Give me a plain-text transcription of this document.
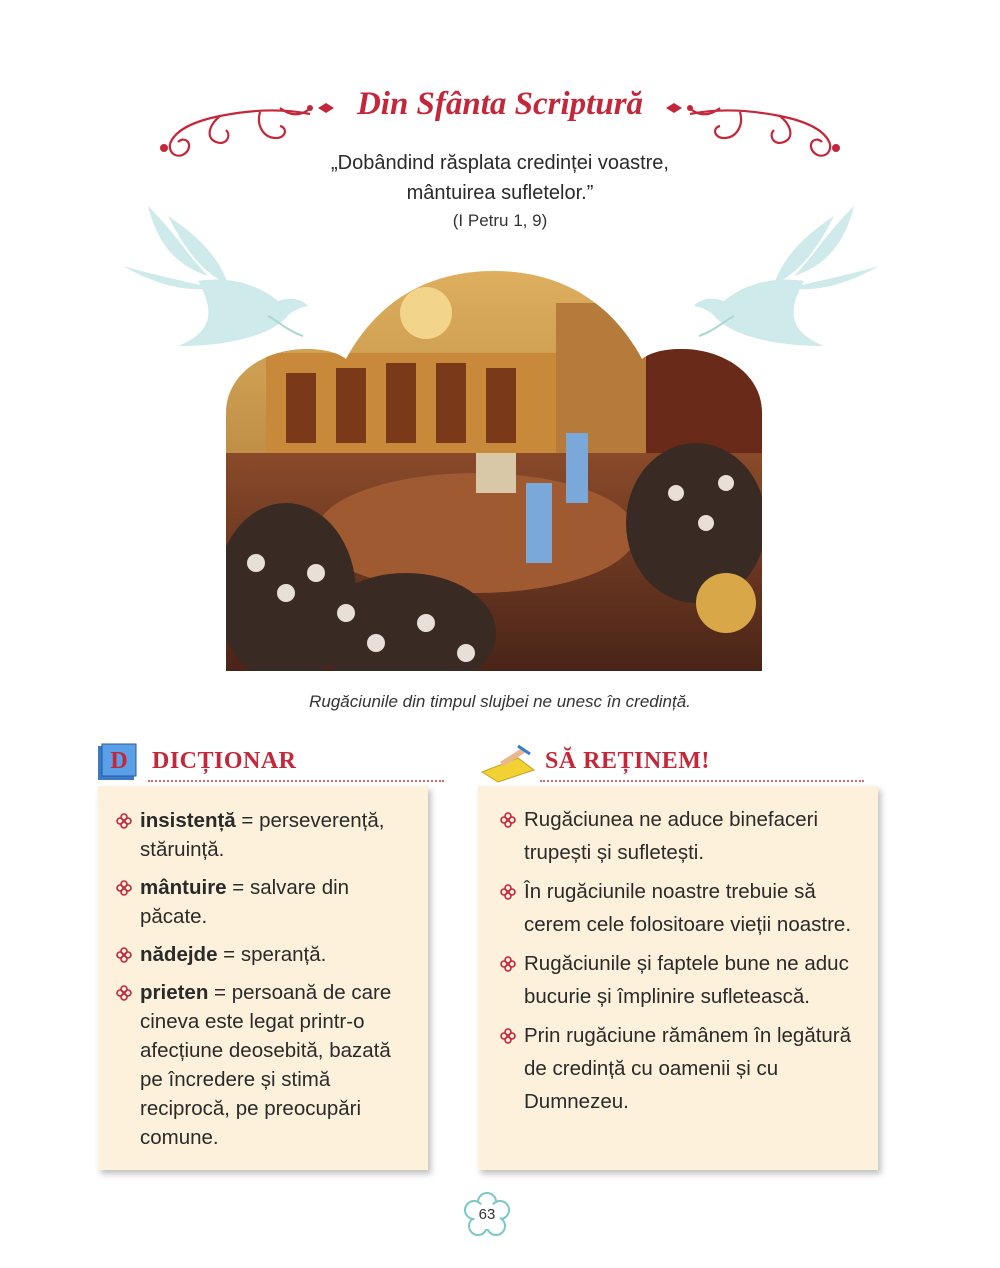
Din Sfânta Scriptură
„Dobândind răsplata credinței voastre,
mântuirea sufletelor.”
(I Petru 1, 9)
Rugăciunile din timpul slujbei ne unesc în credință.
D DICȚIONAR
insistență = perseverență, stăruință.
mântuire = salvare din păcate.
nădejde = speranță.
prieten = persoană de care cineva este legat printr-o afecțiune deosebită, bazată pe încredere și stimă reciprocă, pe preocupări comune.
SĂ REȚINEM!
Rugăciunea ne aduce binefaceri trupești și sufletești.
În rugăciunile noastre trebuie să cerem cele folositoare vieții noastre.
Rugăciunile și faptele bune ne aduc bucurie și împlinire sufletească.
Prin rugăciune rămânem în legătură de credință cu oamenii și cu Dumnezeu.
63
